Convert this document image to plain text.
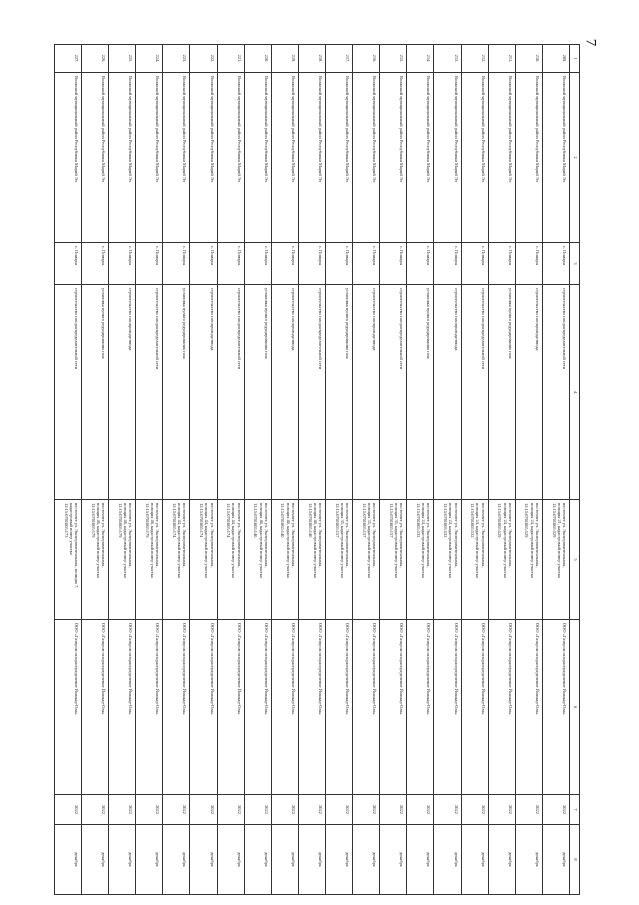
7
1
2
3
4
5
6
7
8
209.
Волжский муниципальный район Республики Марий Эл
с. Помары
строительство газораспределительной сети
восточнее ул. Экспериментальная,
позиция 21, кадастровый номер участка
12:15:0701005:529
ООО «Газпром газораспределение Йошкар-Ола»
2022
декабрь
210.
Волжский муниципальный район Республики Марий Эл
с. Помары
строительство газопровода-ввода
восточнее ул. Экспериментальная,
позиция 24, кадастровый номер участка
12:15:0701005:529
ООО «Газпром газораспределение Йошкар-Ола»
2022
декабрь
211.
Волжский муниципальный район Республики Марий Эл
с. Помары
установка пункта редуцирования газа
восточнее ул. Экспериментальная,
позиция 24, кадастровый номер участка
12:15:0701005:529
ООО «Газпром газораспределение Йошкар-Ола»
2022
декабрь
212.
Волжский муниципальный район Республики Марий Эл
с. Помары
строительство газораспределительной сети
восточнее ул. Экспериментальная,
позиция 24, кадастровый номер участка
12:15:0701005:532
ООО «Газпром газораспределение Йошкар-Ола»
2022
декабрь
213.
Волжский муниципальный район Республики Марий Эл
с. Помары
строительство газопровода-ввода
восточнее ул. Экспериментальная,
позиция 24, кадастровый номер участка
12:15:0701005:532
ООО «Газпром газораспределение Йошкар-Ола»
2022
декабрь
214.
Волжский муниципальный район Республики Марий Эл
с. Помары
установка пункта редуцирования газа
восточнее ул. Экспериментальная,
позиция 24, кадастровый номер участка
12:15:0701005:532
ООО «Газпром газораспределение Йошкар-Ола»
2022
декабрь
215.
Волжский муниципальный район Республики Марий Эл
с. Помары
строительство газораспределительной сети
восточнее ул. Экспериментальная,
позиция 35, кадастровый номер участка
12:15:0701005:157
ООО «Газпром газораспределение Йошкар-Ола»
2022
декабрь
216.
Волжский муниципальный район Республики Марий Эл
с. Помары
строительство газопровода-ввода
восточнее ул. Экспериментальная,
позиция 35, кадастровый номер участка
12:15:0701005:157
ООО «Газпром газораспределение Йошкар-Ола»
2022
декабрь
217.
Волжский муниципальный район Республики Марий Эл
с. Помары
установка пункта редуцирования газа
восточнее ул. Экспериментальная,
позиция 35, кадастровый номер участка
12:15:0701005:157
ООО «Газпром газораспределение Йошкар-Ола»
2022
декабрь
218.
Волжский муниципальный район Республики Марий Эл
с. Помары
строительство газораспределительной сети
восточнее ул. Экспериментальная,
позиция 40, кадастровый номер участка
12:15:0701005:140
ООО «Газпром газораспределение Йошкар-Ола»
2022
декабрь
219.
Волжский муниципальный район Республики Марий Эл
с. Помары
строительство газопровода-ввода
восточнее ул. Экспериментальная,
позиция 40, кадастровый номер участка
12:15:0701005:140
ООО «Газпром газораспределение Йошкар-Ола»
2022
декабрь
220.
Волжский муниципальный район Республики Марий Эл
с. Помары
установка пункта редуцирования газа
восточнее ул. Экспериментальная,
позиция 40, кадастровый номер участка
12:15:0701005:140
ООО «Газпром газораспределение Йошкар-Ола»
2022
декабрь
221.
Волжский муниципальный район Республики Марий Эл
с. Помары
строительство газораспределительной сети
восточнее ул. Экспериментальная,
позиция 44, кадастровый номер участка
12:15:0701005:174
ООО «Газпром газораспределение Йошкар-Ола»
2022
декабрь
222.
Волжский муниципальный район Республики Марий Эл
с. Помары
строительство газопровода-ввода
восточнее ул. Экспериментальная,
позиция 44, кадастровый номер участка
12:15:0701005:174
ООО «Газпром газораспределение Йошкар-Ола»
2022
декабрь
223.
Волжский муниципальный район Республики Марий Эл
с. Помары
установка пункта редуцирования газа
восточнее ул. Экспериментальная,
позиция 44, кадастровый номер участка
12:15:0701005:174
ООО «Газпром газораспределение Йошкар-Ола»
2022
декабрь
224.
Волжский муниципальный район Республики Марий Эл
с. Помары
строительство газораспределительной сети
восточнее ул. Экспериментальная,
позиция 46, кадастровый номер участка
12:15:0701005:179
ООО «Газпром газораспределение Йошкар-Ола»
2022
декабрь
225.
Волжский муниципальный район Республики Марий Эл
с. Помары
строительство газопровода-ввода
восточнее ул. Экспериментальная,
позиция 46, кадастровый номер участка
12:15:0701005:179
ООО «Газпром газораспределение Йошкар-Ола»
2022
декабрь
226.
Волжский муниципальный район Республики Марий Эл
с. Помары
установка пункта редуцирования газа
восточнее ул. Экспериментальная,
позиция 46, кадастровый номер участка
12:15:0701005:179
ООО «Газпром газораспределение Йошкар-Ола»
2022
декабрь
227.
Волжский муниципальный район Республики Марий Эл
с. Помары
строительство газораспределительной сети
восточнее ул. Экспериментальная, позиция 7,
кадастровый номер участка
12:15:0701005:173
ООО «Газпром газораспределение Йошкар-Ола»
2022
декабрь
